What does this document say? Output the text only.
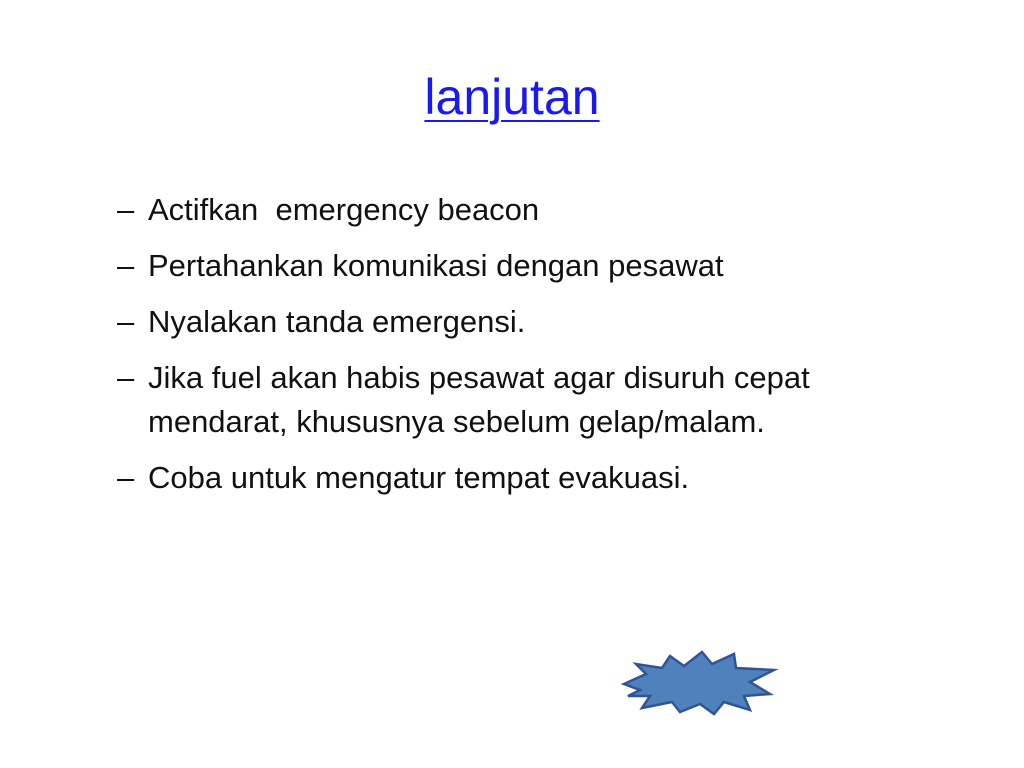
lanjutan
– Actifkan  emergency beacon
– Pertahankan komunikasi dengan pesawat
– Nyalakan tanda emergensi.
– Jika fuel akan habis pesawat agar disuruh cepat mendarat, khususnya sebelum gelap/malam.
– Coba untuk mengatur tempat evakuasi.
